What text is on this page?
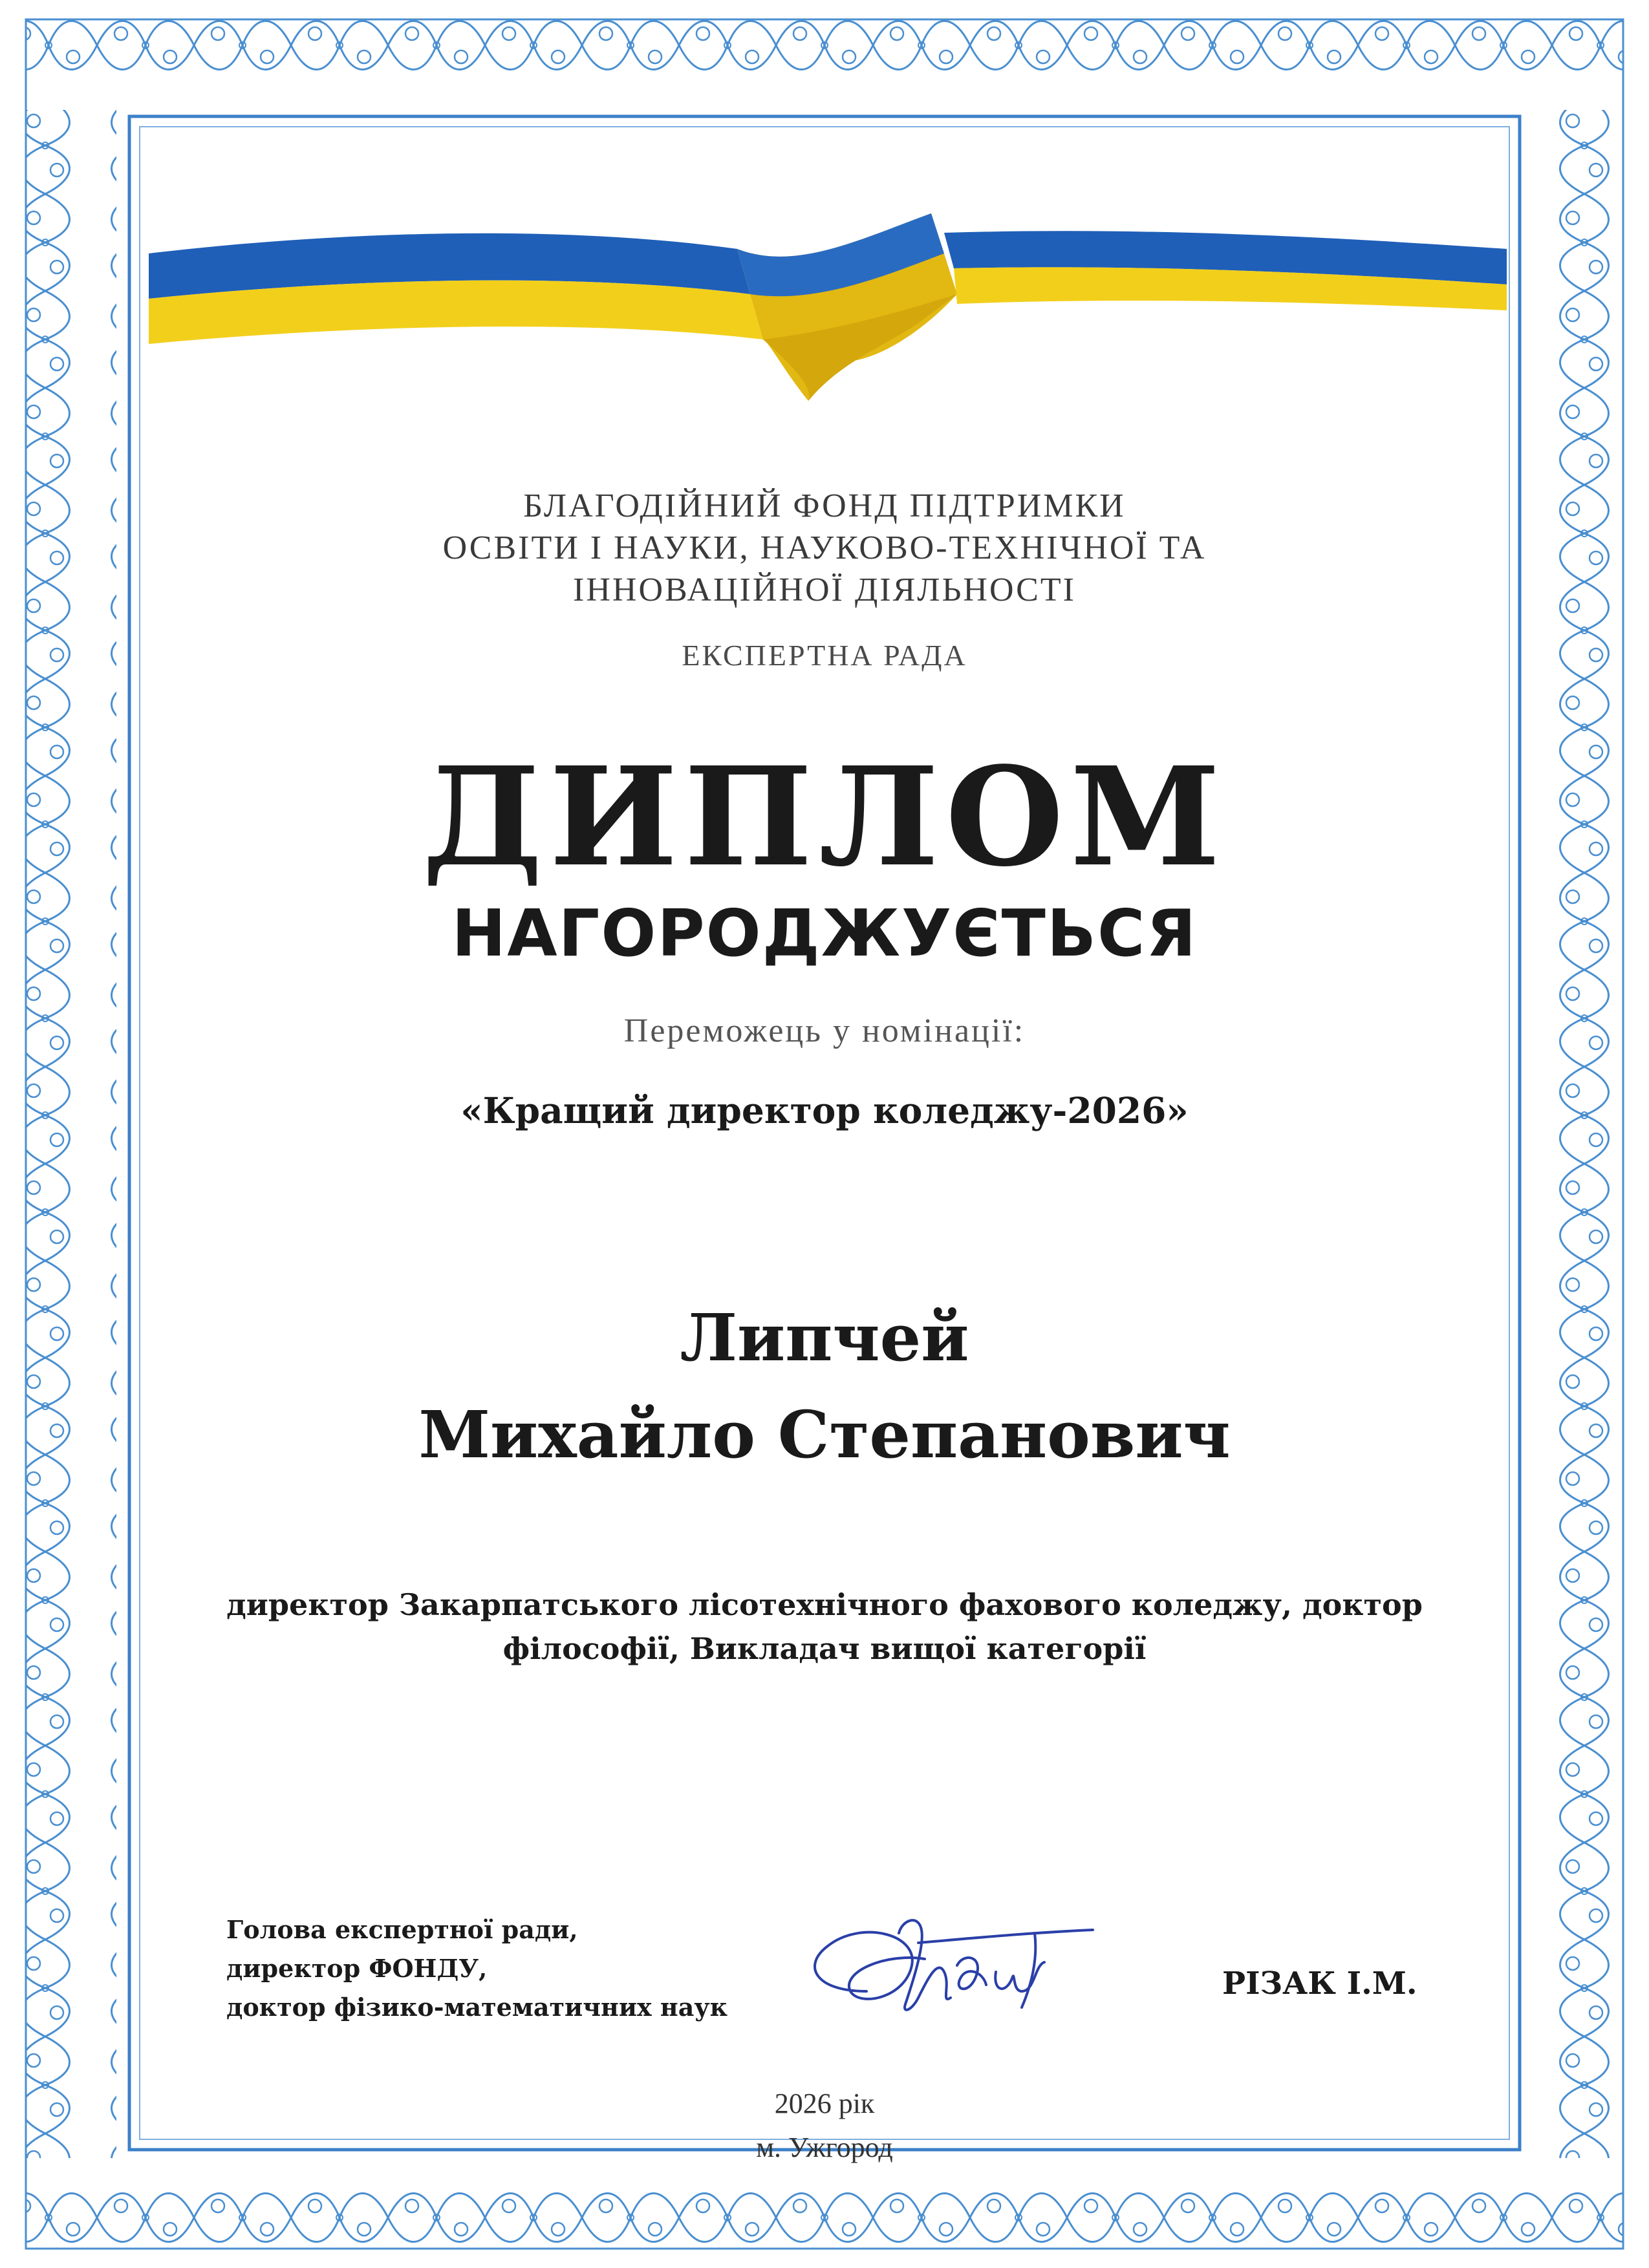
БЛАГОДІЙНИЙ ФОНД ПІДТРИМКИ
ОСВІТИ І НАУКИ, НАУКОВО-ТЕХНІЧНОЇ ТА
ІННОВАЦІЙНОЇ ДІЯЛЬНОСТІ
ЕКСПЕРТНА РАДА
ДИПЛОМ
НАГОРОДЖУЄТЬСЯ
Переможець у номінації:
«Кращий директор коледжу-2026»
Липчей
Михайло Степанович
директор Закарпатського лісотехнічного фахового коледжу, доктор
філософії, Викладач вищої категорії
Голова експертної ради,
директор ФОНДУ,
доктор фізико-математичних наук
РІЗАК І.М.
2026 рік
м. Ужгород
